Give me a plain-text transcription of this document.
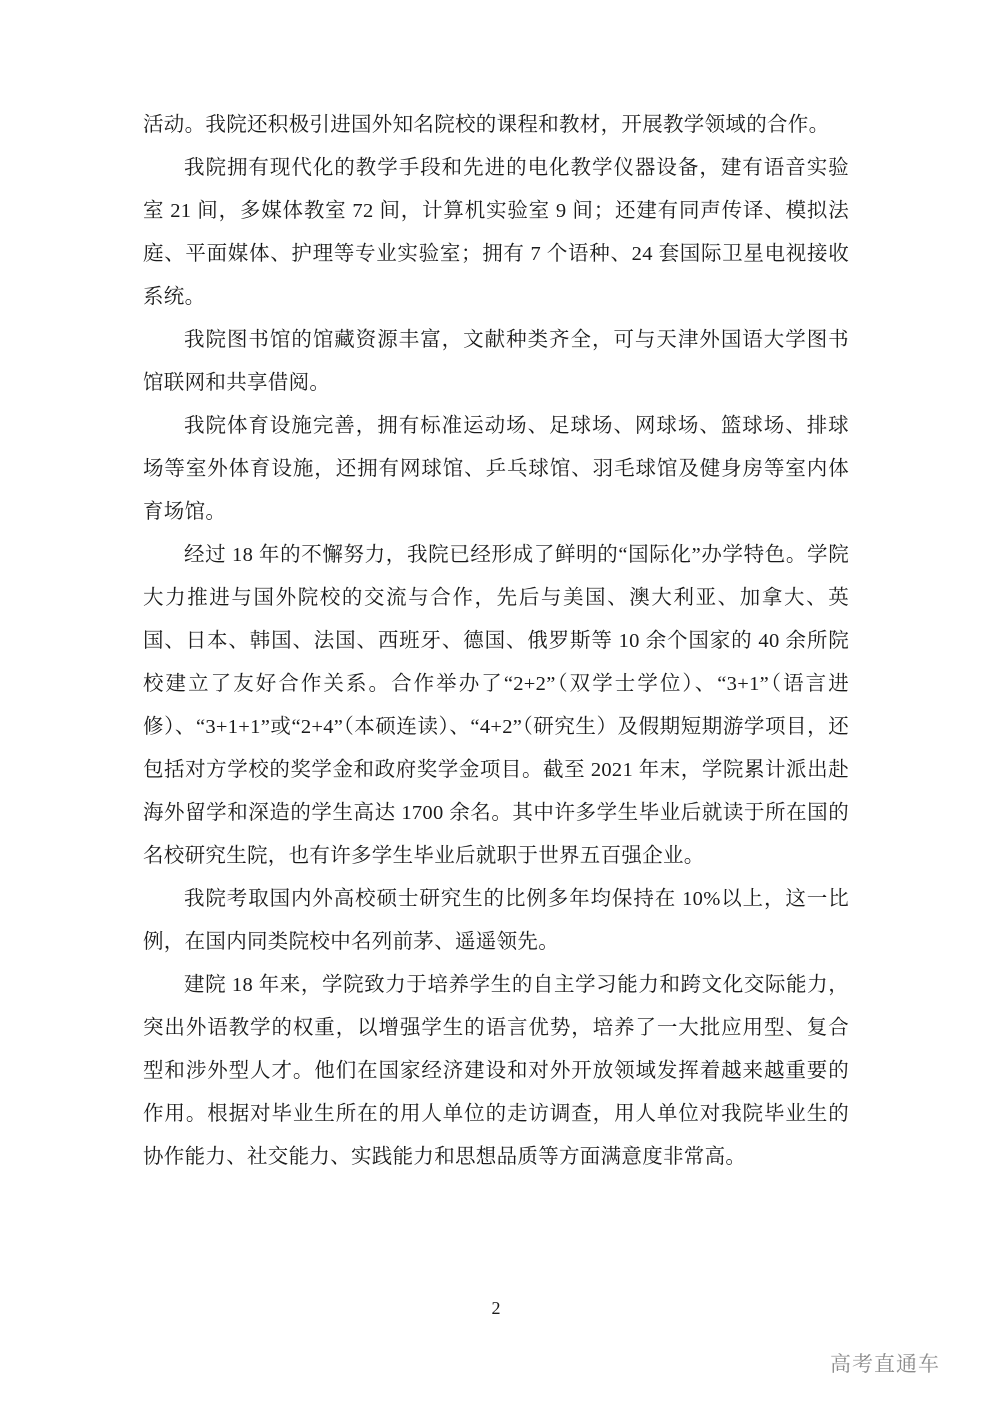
活动。我院还积极引进国外知名院校的课程和教材，开展教学领域的合作。

我院拥有现代化的教学手段和先进的电化教学仪器设备，建有语音实验室 21 间，多媒体教室 72 间，计算机实验室 9 间；还建有同声传译、模拟法庭、平面媒体、护理等专业实验室；拥有 7 个语种、24 套国际卫星电视接收系统。

我院图书馆的馆藏资源丰富，文献种类齐全，可与天津外国语大学图书馆联网和共享借阅。

我院体育设施完善，拥有标准运动场、足球场、网球场、篮球场、排球场等室外体育设施，还拥有网球馆、乒乓球馆、羽毛球馆及健身房等室内体育场馆。

经过 18 年的不懈努力，我院已经形成了鲜明的“国际化”办学特色。学院大力推进与国外院校的交流与合作，先后与美国、澳大利亚、加拿大、英国、日本、韩国、法国、西班牙、德国、俄罗斯等 10 余个国家的 40 余所院校建立了友好合作关系。合作举办了“2+2”（双学士学位）、“3+1”（语言进修）、“3+1+1”或“2+4”（本硕连读）、“4+2”（研究生）及假期短期游学项目，还包括对方学校的奖学金和政府奖学金项目。截至 2021 年末，学院累计派出赴海外留学和深造的学生高达 1700 余名。其中许多学生毕业后就读于所在国的名校研究生院，也有许多学生毕业后就职于世界五百强企业。

我院考取国内外高校硕士研究生的比例多年均保持在 10%以上，这一比例，在国内同类院校中名列前茅、遥遥领先。

建院 18 年来，学院致力于培养学生的自主学习能力和跨文化交际能力，突出外语教学的权重，以增强学生的语言优势，培养了一大批应用型、复合型和涉外型人才。他们在国家经济建设和对外开放领域发挥着越来越重要的作用。根据对毕业生所在的用人单位的走访调查，用人单位对我院毕业生的协作能力、社交能力、实践能力和思想品质等方面满意度非常高。

2
高考直通车
